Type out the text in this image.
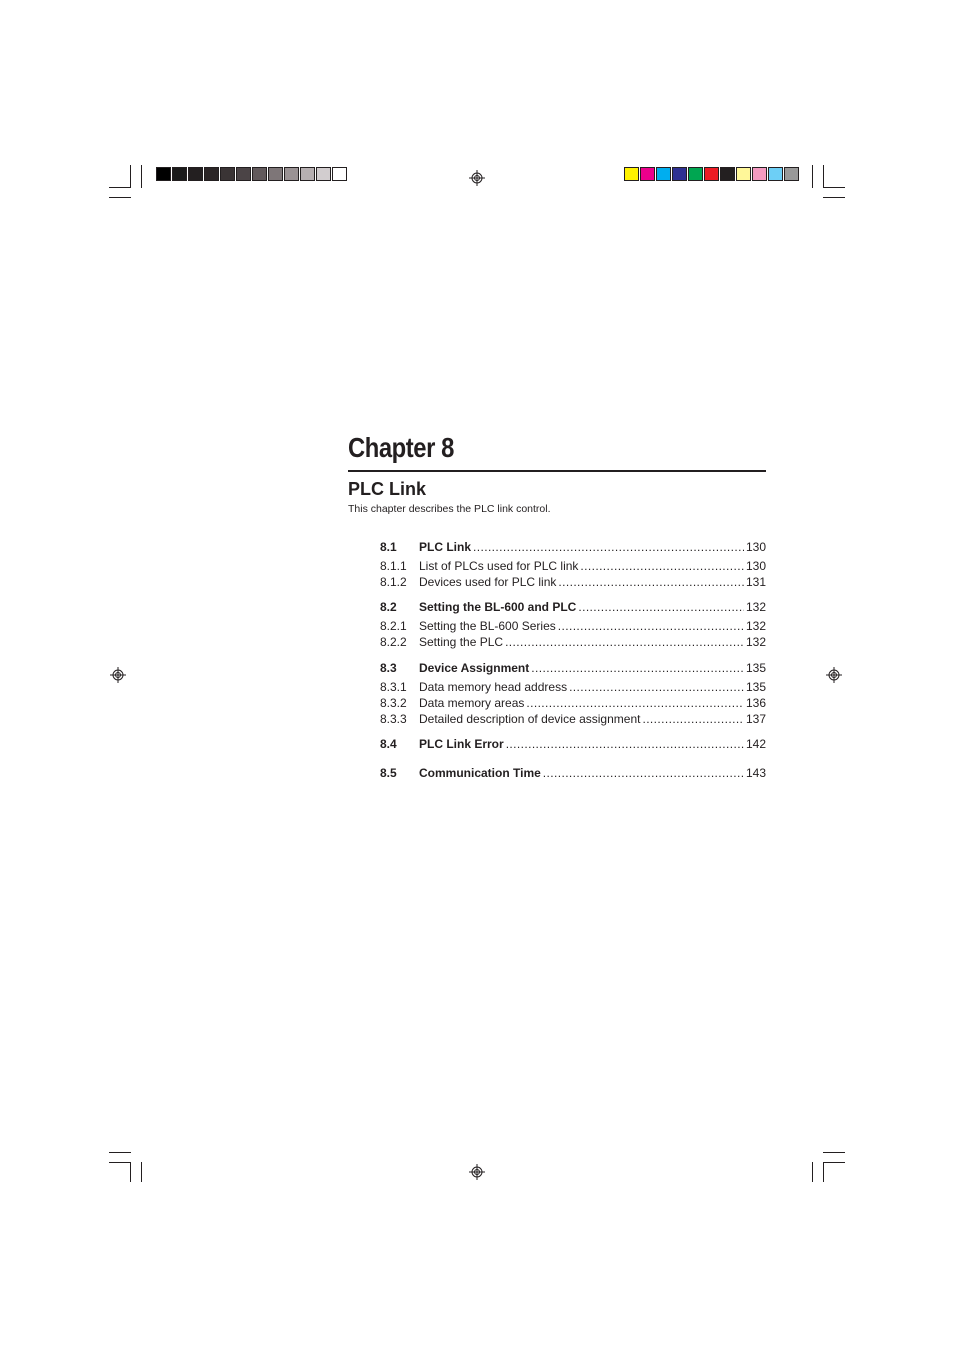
Chapter 8
PLC Link

This chapter describes the PLC link control.

8.1	PLC Link .....	130
8.1.1	List of PLCs used for PLC link .....	130
8.1.2	Devices used for PLC link .....	131
8.2	Setting the BL-600 and PLC .....	132
8.2.1	Setting the BL-600 Series .....	132
8.2.2	Setting the PLC .....	132
8.3	Device Assignment .....	135
8.3.1	Data memory head address .....	135
8.3.2	Data memory areas .....	136
8.3.3	Detailed description of device assignment .....	137
8.4	PLC Link Error .....	142
8.5	Communication Time .....	143
